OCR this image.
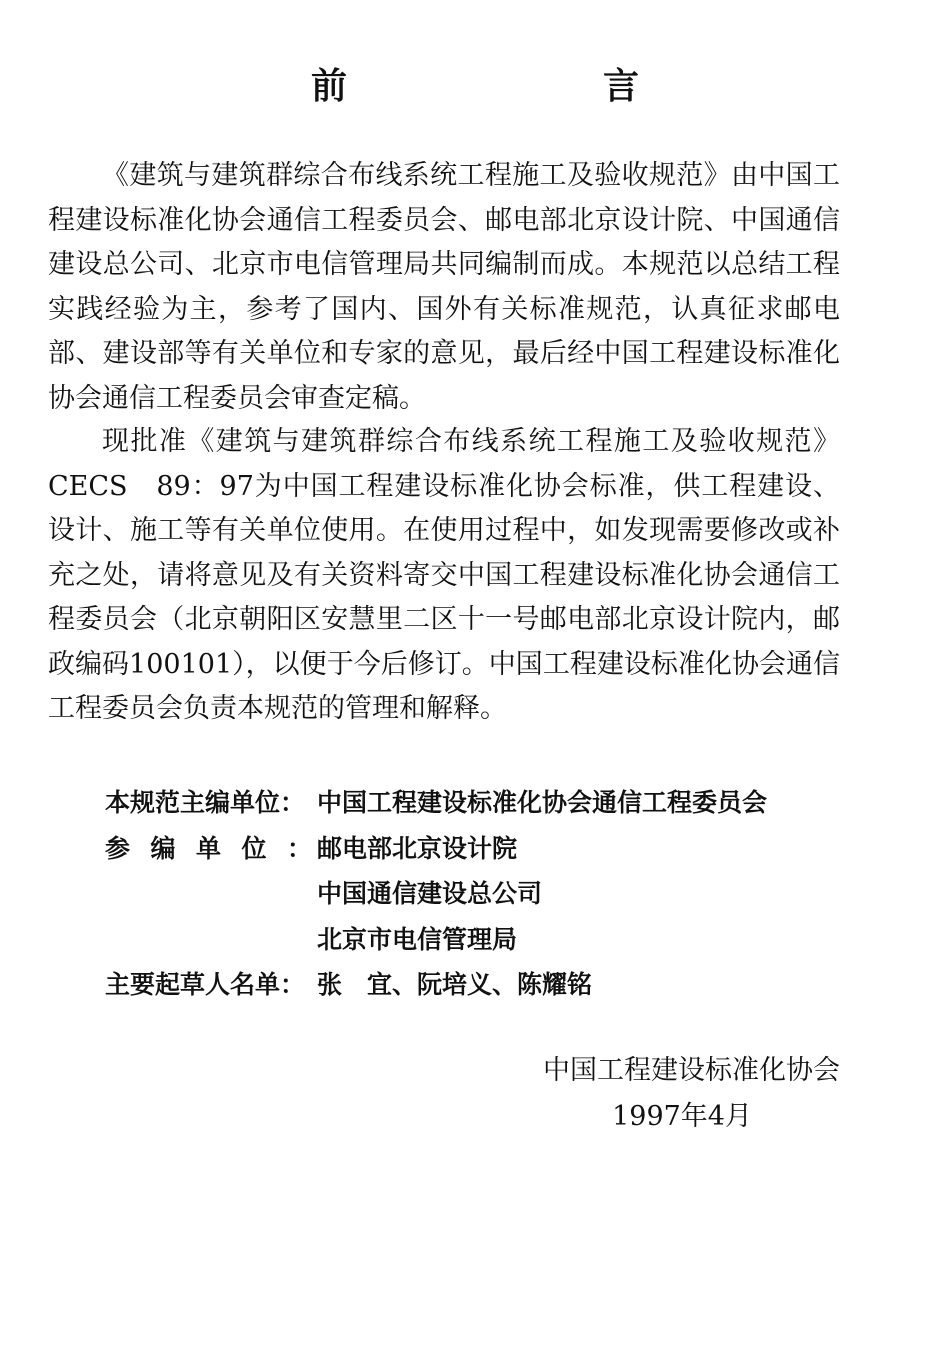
前　言

《建筑与建筑群综合布线系统工程施工及验收规范》由中国工程建设标准化协会通信工程委员会、邮电部北京设计院、中国通信建设总公司、北京市电信管理局共同编制而成。本规范以总结工程实践经验为主，参考了国内、国外有关标准规范，认真征求邮电部、建设部等有关单位和专家的意见，最后经中国工程建设标准化协会通信工程委员会审查定稿。

现批准《建筑与建筑群综合布线系统工程施工及验收规范》CECS　89：97为中国工程建设标准化协会标准，供工程建设、设计、施工等有关单位使用。在使用过程中，如发现需要修改或补充之处，请将意见及有关资料寄交中国工程建设标准化协会通信工程委员会（北京朝阳区安慧里二区十一号邮电部北京设计院内，邮政编码100101），以便于今后修订。中国工程建设标准化协会通信工程委员会负责本规范的管理和解释。

本规范主编单位： 中国工程建设标准化协会通信工程委员会
参编单位：
邮电部北京设计院
中国通信建设总公司
北京市电信管理局
主要起草人名单： 张　宜、阮培义、陈耀铭
中国工程建设标准化协会
1997年4月
